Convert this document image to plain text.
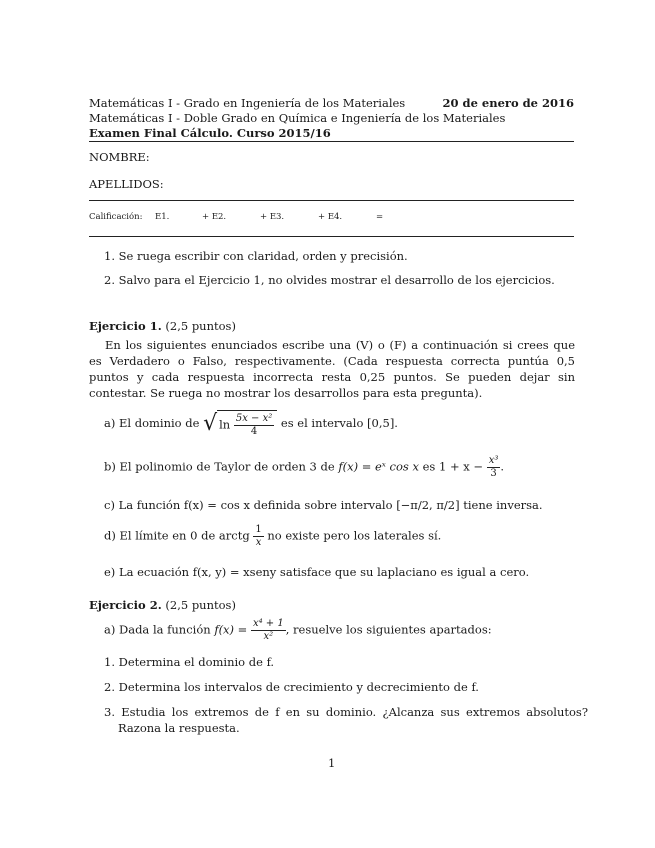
Matemáticas I - Grado en Ingeniería de los Materiales	20 de enero de 2016
Matemáticas I - Doble Grado en Química e Ingeniería de los Materiales
Examen Final Cálculo. Curso 2015/16
NOMBRE:
APELLIDOS:
Calificación: E1.	+ E2.	+ E3.	+ E4.	=
1. Se ruega escribir con claridad, orden y precisión.
2. Salvo para el Ejercicio 1, no olvides mostrar el desarrollo de los ejercicios.
Ejercicio 1. (2,5 puntos)
En los siguientes enunciados escribe una (V) o (F) a continuación si crees que es Verdadero o Falso, respectivamente. (Cada respuesta correcta puntúa 0,5 puntos y cada respuesta incorrecta resta 0,25 puntos. Se pueden dejar sin contestar. Se ruega no mostrar los desarrollos para esta pregunta).
a) El dominio de √ $\ln \frac{\text{5x − x²}}{4}$ es el intervalo [0,5].
b) El polinomio de Taylor de orden 3 de f(x) = eˣ cos x es $1 + x - \frac{\text{x³}}{3}$ .
c) La función f(x) = cos x definida sobre intervalo [−π/2, π/2] tiene inversa.
d) El límite en 0 de arctg $\frac{1}{x}$ no existe pero los laterales sí.
e) La ecuación f(x, y) = xseny satisface que su laplaciano es igual a cero.
Ejercicio 2. (2,5 puntos)
a) Dada la función $f(x) = \frac{\text{x⁴ + 1}}{\text{x²}}$ , resuelve los siguientes apartados:
1. Determina el dominio de f.
2. Determina los intervalos de crecimiento y decrecimiento de f.
3. Estudia los extremos de f en su dominio. ¿Alcanza sus extremos absolutos? Razona la respuesta.
1
